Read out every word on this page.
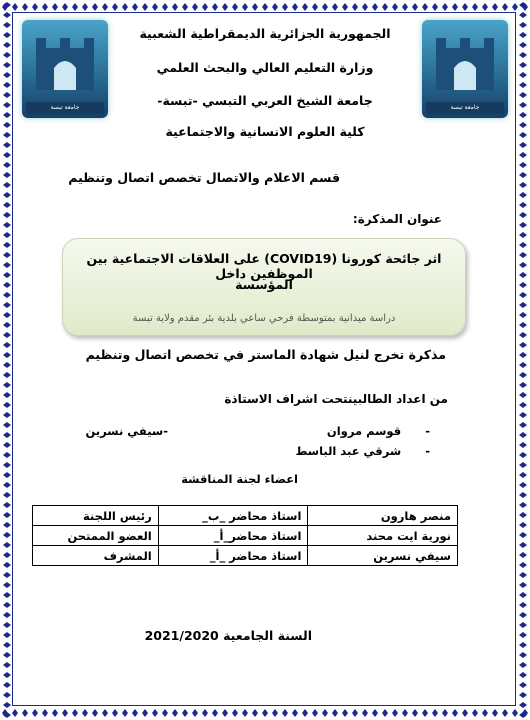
جامعة تبسة	جامعة تبسة
الجمهورية الجزائرية الديمقراطية الشعبية
وزارة التعليم العالي والبحث العلمي
جامعة الشيخ العربي التبسي -تبسة-
كلية العلوم الانسانية والاجتماعية
قسم الاعلام والاتصال تخصص اتصال وتنظيم
عنوان المذكرة:
اثر جائحة كورونا (COVID19) على العلاقات الاجتماعية بين الموظفين داخل
المؤسسة
دراسة ميدانية بمتوسطة فرحي ساعي بلدية بئر مقدم ولاية تبسة
مذكرة تخرج لنيل شهادة الماستر في تخصص اتصال وتنظيم
من اعداد الطالبينتحت اشراف الاستاذة
-      قوسم مروان
-      شرقي عبد الباسط
-سيفي نسرين
اعضاء لجنة المناقشة
منصر هارون	استاذ محاضر _ب_	رئيس اللجنة
نورية ايت محند	استاذ محاضر_أ_	العضو الممتحن
سيفي نسرين	استاذ محاضر _أ_	المشرف
السنة الجامعية 2021/2020
